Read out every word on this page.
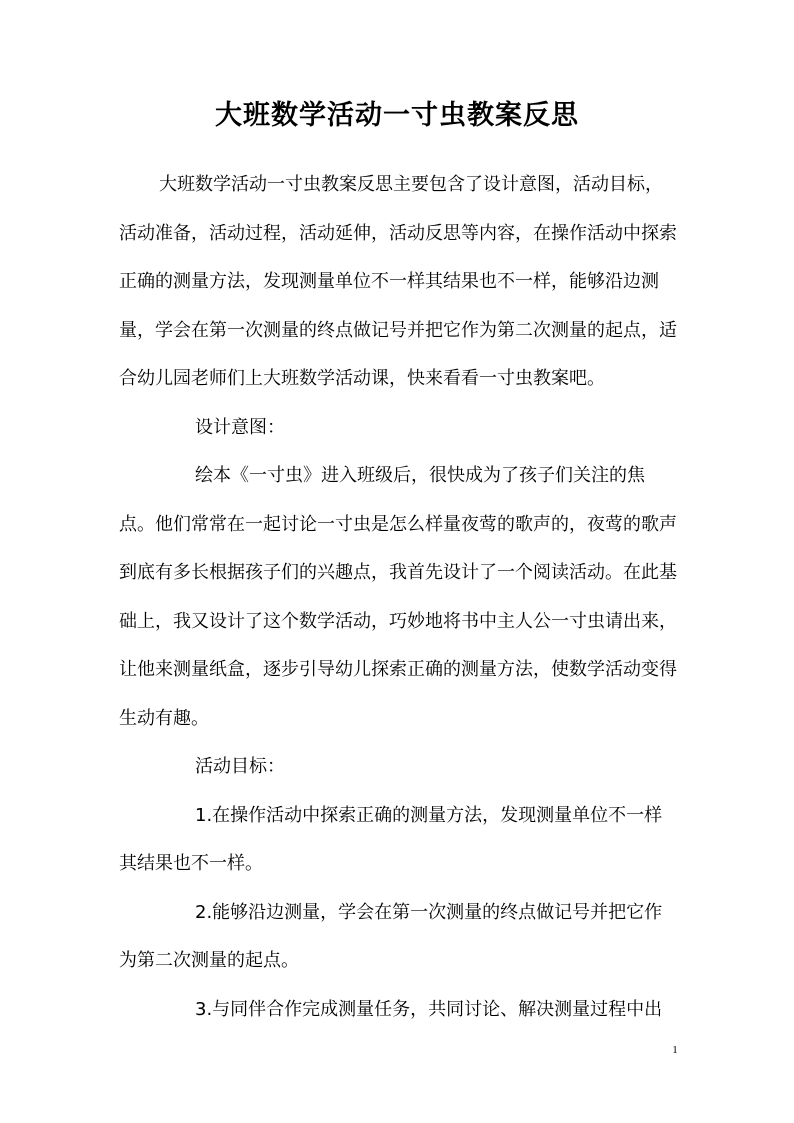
大班数学活动一寸虫教案反思

大班数学活动一寸虫教案反思主要包含了设计意图，活动目标，活动准备，活动过程，活动延伸，活动反思等内容，在操作活动中探索正确的测量方法，发现测量单位不一样其结果也不一样，能够沿边测量，学会在第一次测量的终点做记号并把它作为第二次测量的起点，适合幼儿园老师们上大班数学活动课，快来看看一寸虫教案吧。

设计意图：

绘本《一寸虫》进入班级后，很快成为了孩子们关注的焦点。他们常常在一起讨论一寸虫是怎么样量夜莺的歌声的，夜莺的歌声到底有多长根据孩子们的兴趣点，我首先设计了一个阅读活动。在此基础上，我又设计了这个数学活动，巧妙地将书中主人公一寸虫请出来，让他来测量纸盒，逐步引导幼儿探索正确的测量方法，使数学活动变得生动有趣。

活动目标：

1.在操作活动中探索正确的测量方法，发现测量单位不一样其结果也不一样。

2.能够沿边测量，学会在第一次测量的终点做记号并把它作为第二次测量的起点。

3.与同伴合作完成测量任务，共同讨论、解决测量过程中出

1
